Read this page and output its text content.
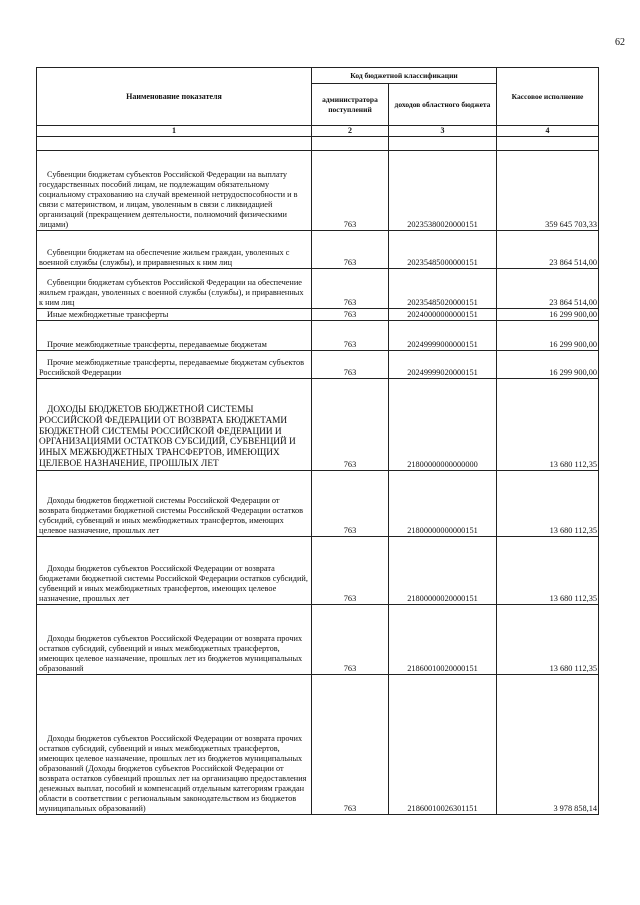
62
Наименование показателя	Код бюджетной классификации		Кассовое исполнение
	администратора поступлений	доходов областного бюджета	
1	2	3	4

Субвенции бюджетам субъектов Российской Федерации на выплату государственных пособий лицам, не подлежащим обязательному социальному страхованию на случай временной нетрудоспособности и в связи с материнством, и лицам, уволенным в связи с ликвидацией организаций (прекращением деятельности, полномочий физическими лицами)	763	20235380020000151	359 645 703,33
Субвенции бюджетам на обеспечение жильем граждан, уволенных с военной службы (службы), и приравненных к ним лиц	763	20235485000000151	23 864 514,00
Субвенции бюджетам субъектов Российской Федерации на обеспечение жильем граждан, уволенных с военной службы (службы), и приравненных к ним лиц	763	20235485020000151	23 864 514,00
Иные межбюджетные трансферты	763	20240000000000151	16 299 900,00
Прочие межбюджетные трансферты, передаваемые бюджетам	763	20249999000000151	16 299 900,00
Прочие межбюджетные трансферты, передаваемые бюджетам субъектов Российской Федерации	763	20249999020000151	16 299 900,00
ДОХОДЫ БЮДЖЕТОВ БЮДЖЕТНОЙ СИСТЕМЫ РОССИЙСКОЙ ФЕДЕРАЦИИ ОТ ВОЗВРАТА БЮДЖЕТАМИ БЮДЖЕТНОЙ СИСТЕМЫ РОССИЙСКОЙ ФЕДЕРАЦИИ И ОРГАНИЗАЦИЯМИ ОСТАТКОВ СУБСИДИЙ, СУБВЕНЦИЙ И ИНЫХ МЕЖБЮДЖЕТНЫХ ТРАНСФЕРТОВ, ИМЕЮЩИХ ЦЕЛЕВОЕ НАЗНАЧЕНИЕ, ПРОШЛЫХ ЛЕТ	763	21800000000000000	13 680 112,35
Доходы бюджетов бюджетной системы Российской Федерации от возврата бюджетами бюджетной системы Российской Федерации остатков субсидий, субвенций и иных межбюджетных трансфертов, имеющих целевое назначение, прошлых лет	763	21800000000000151	13 680 112,35
Доходы бюджетов субъектов Российской Федерации от возврата бюджетами бюджетной системы Российской Федерации остатков субсидий, субвенций и иных межбюджетных трансфертов, имеющих целевое назначение, прошлых лет	763	21800000020000151	13 680 112,35
Доходы бюджетов субъектов Российской Федерации от возврата прочих остатков субсидий, субвенций и иных межбюджетных трансфертов, имеющих целевое назначение, прошлых лет из бюджетов муниципальных образований	763	21860010020000151	13 680 112,35
Доходы бюджетов субъектов Российской Федерации от возврата прочих остатков субсидий, субвенций и иных межбюджетных трансфертов, имеющих целевое назначение, прошлых лет из бюджетов муниципальных образований (Доходы бюджетов субъектов Российской Федерации от возврата остатков субвенций прошлых лет на организацию предоставления денежных выплат, пособий и компенсаций отдельным категориям граждан области в соответствии с региональным законодательством из бюджетов муниципальных образований)	763	21860010026301151	3 978 858,14
